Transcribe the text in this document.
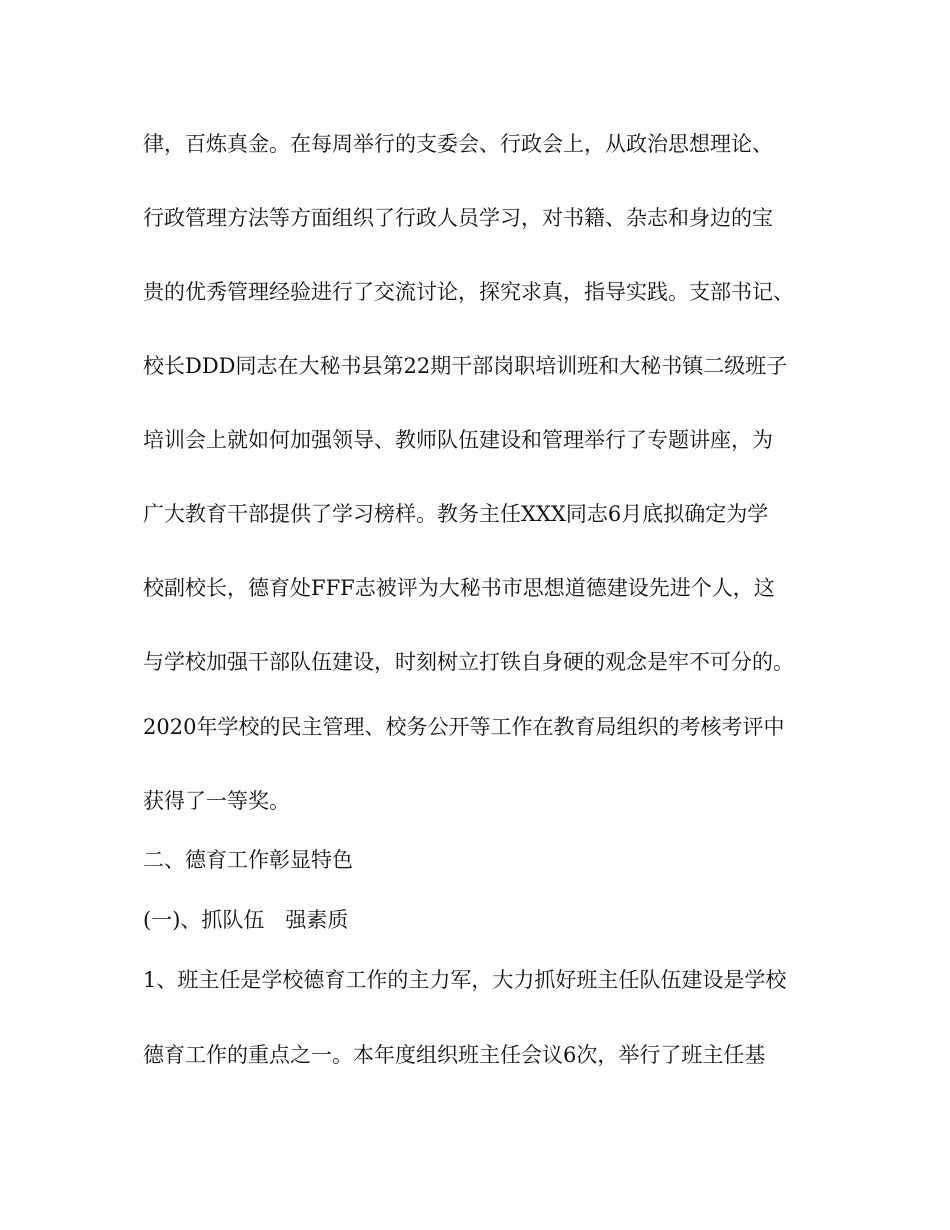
律，百炼真金。在每周举行的支委会、行政会上，从政治思想理论、
行政管理方法等方面组织了行政人员学习，对书籍、杂志和身边的宝
贵的优秀管理经验进行了交流讨论，探究求真，指导实践。支部书记、
校长DDD同志在大秘书县第22期干部岗职培训班和大秘书镇二级班子
培训会上就如何加强领导、教师队伍建设和管理举行了专题讲座，为
广大教育干部提供了学习榜样。教务主任XXX同志6月底拟确定为学
校副校长，德育处FFF志被评为大秘书市思想道德建设先进个人，这
与学校加强干部队伍建设，时刻树立打铁自身硬的观念是牢不可分的。
2020年学校的民主管理、校务公开等工作在教育局组织的考核考评中
获得了一等奖。
二、德育工作彰显特色
(一)、抓队伍　强素质
1、班主任是学校德育工作的主力军，大力抓好班主任队伍建设是学校
德育工作的重点之一。本年度组织班主任会议6次，举行了班主任基
